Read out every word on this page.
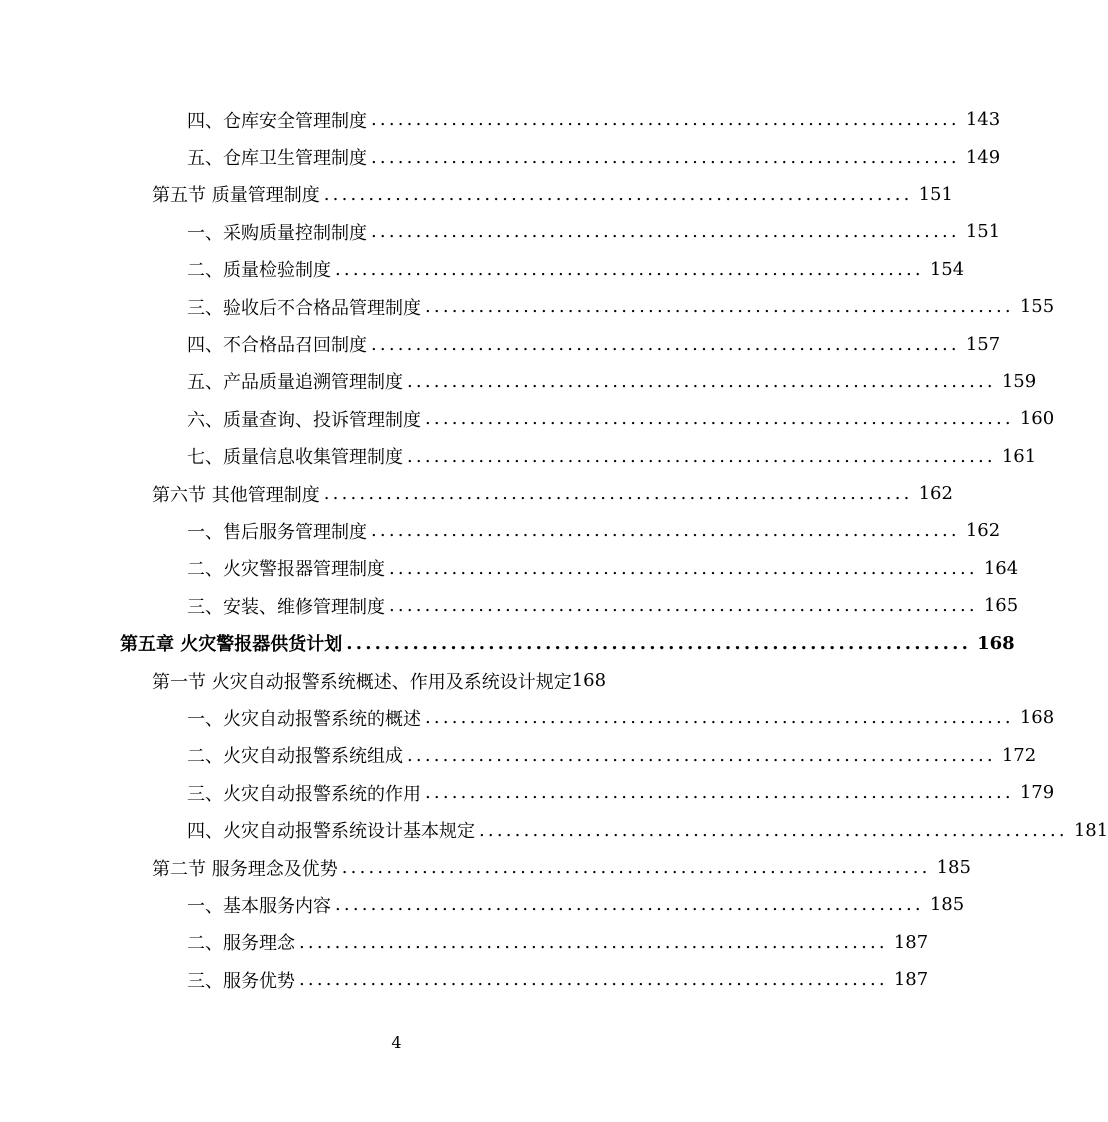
四、仓库安全管理制度 .................................................................. 143
五、仓库卫生管理制度 .................................................................. 149
第五节 质量管理制度 .................................................................. 151
一、采购质量控制制度 .................................................................. 151
二、质量检验制度 .................................................................. 154
三、验收后不合格品管理制度 .................................................................. 155
四、不合格品召回制度 .................................................................. 157
五、产品质量追溯管理制度 .................................................................. 159
六、质量查询、投诉管理制度 .................................................................. 160
七、质量信息收集管理制度 .................................................................. 161
第六节 其他管理制度 .................................................................. 162
一、售后服务管理制度 .................................................................. 162
二、火灾警报器管理制度 .................................................................. 164
三、安装、维修管理制度 .................................................................. 165
第五章 火灾警报器供货计划 .................................................................. 168
第一节 火灾自动报警系统概述、作用及系统设计规定 168
一、火灾自动报警系统的概述 .................................................................. 168
二、火灾自动报警系统组成 .................................................................. 172
三、火灾自动报警系统的作用 .................................................................. 179
四、火灾自动报警系统设计基本规定 .................................................................. 181
第二节 服务理念及优势 .................................................................. 185
一、基本服务内容 .................................................................. 185
二、服务理念 .................................................................. 187
三、服务优势 .................................................................. 187
4
